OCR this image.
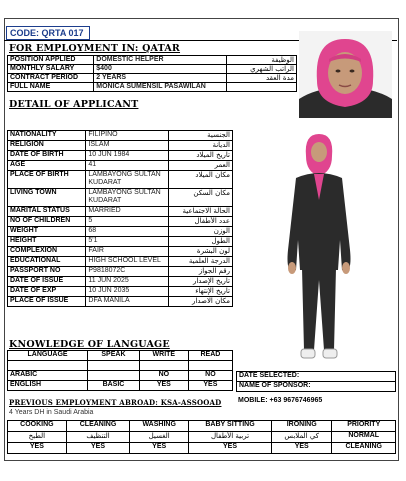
CODE: QRTA 017
FOR EMPLOYMENT IN: QATAR
POSITION APPLIED	DOMESTIC HELPER	الوظيفة
MONTHLY SALARY	$400	الراتب الشهري
CONTRACT PERIOD	2 YEARS	مدة العقد
FULL NAME	MONICA SUMENSIL PASAWILAN	
DETAIL OF APPLICANT
NATIONALITY	FILIPINO	الجنسية
RELIGION	ISLAM	الديانة
DATE OF BIRTH	10 JUN 1984	تاريخ الميلاد
AGE	41	العمر
PLACE OF BIRTH	LAMBAYONG SULTAN KUDARAT	مكان الميلاد
LIVING TOWN	LAMBAYONG SULTAN KUDARAT	مكان السكن
MARITAL STATUS	MARRIED	الحالة الاجتماعية
NO OF CHILDREN	5	عدد الأطفال
WEIGHT	68	الوزن
HEIGHT	5'1	الطول
COMPLEXION	FAIR	لون البشرة
EDUCATIONAL	HIGH SCHOOL LEVEL	الدرجة العلمية
PASSPORT NO	P9818072C	رقم الجواز
DATE OF ISSUE	11 JUN 2025	تاريخ الإصدار
DATE OF EXP	10 JUN 2035	تاريخ الإنتهاء
PLACE OF ISSUE	DFA MANILA	مكان الاصدار
KNOWLEDGE OF LANGUAGE
LANGUAGE	SPEAK	WRITE	READ

ARABIC		NO	NO
ENGLISH	BASIC	YES	YES
DATE SELECTED:
NAME OF SPONSOR:
PREVIOUS EMPLOYMENT ABROAD: KSA-ASSOOAD MOBILE: +63 9676746965
4 Years DH in Saudi Arabia
COOKING	CLEANING	WASHING	BABY SITTING	IRONING	PRIORITY
الطبخ	التنظيف	الغسيل	تربية الأطفال	كي الملابس	NORMAL
YES	YES	YES	YES	YES	CLEANING
